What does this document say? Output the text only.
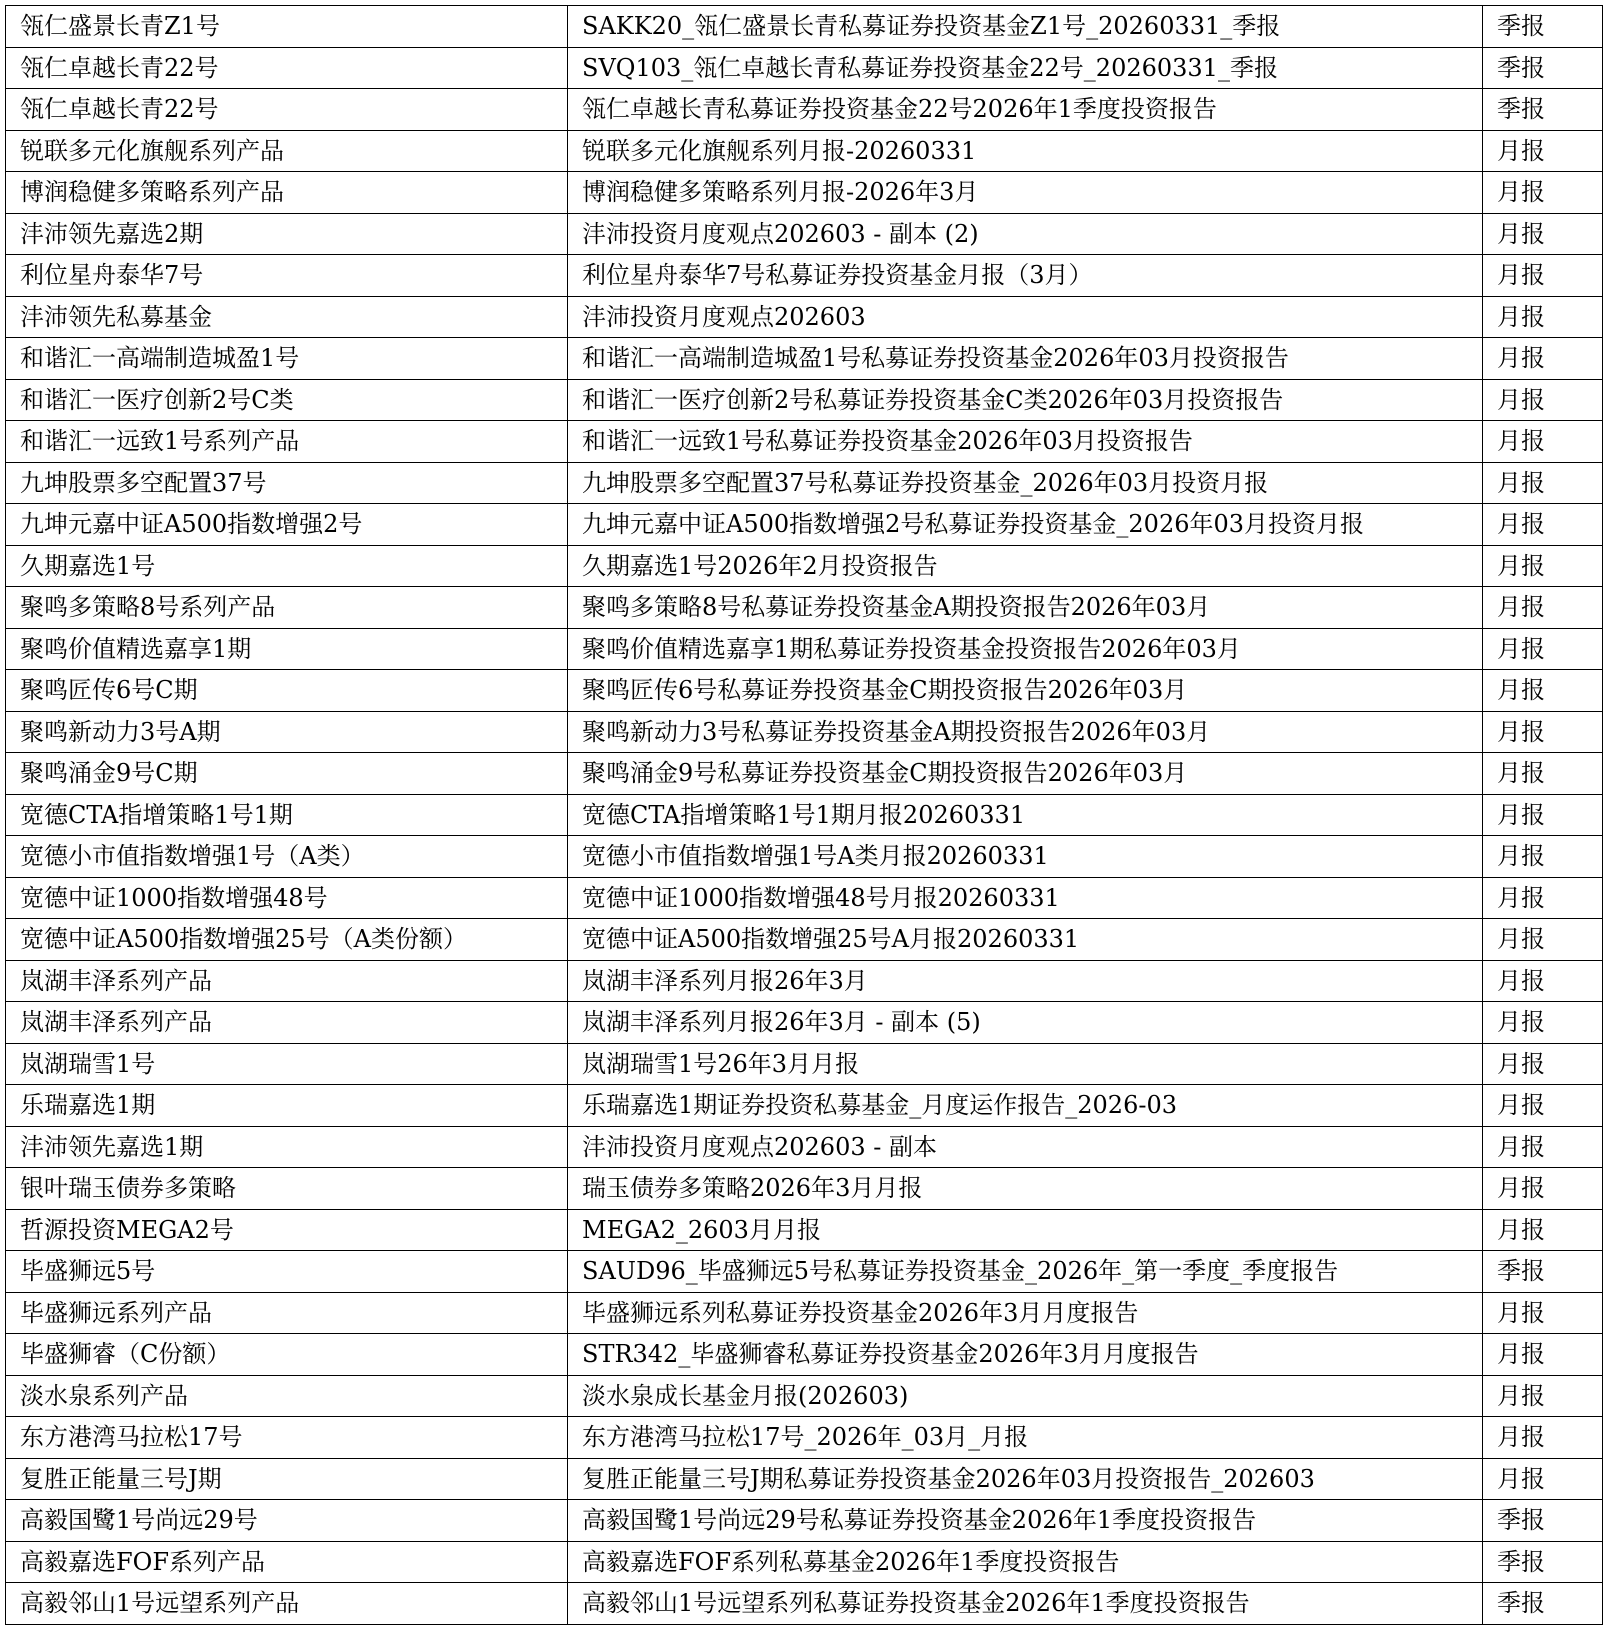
瓴仁盛景长青Z1号	SAKK20_瓴仁盛景长青私募证券投资基金Z1号_20260331_季报	季报
瓴仁卓越长青22号	SVQ103_瓴仁卓越长青私募证券投资基金22号_20260331_季报	季报
瓴仁卓越长青22号	瓴仁卓越长青私募证券投资基金22号2026年1季度投资报告	季报
锐联多元化旗舰系列产品	锐联多元化旗舰系列月报-20260331	月报
博润稳健多策略系列产品	博润稳健多策略系列月报-2026年3月	月报
沣沛领先嘉选2期	沣沛投资月度观点202603 - 副本 (2)	月报
利位星舟泰华7号	利位星舟泰华7号私募证券投资基金月报（3月）	月报
沣沛领先私募基金	沣沛投资月度观点202603	月报
和谐汇一高端制造城盈1号	和谐汇一高端制造城盈1号私募证券投资基金2026年03月投资报告	月报
和谐汇一医疗创新2号C类	和谐汇一医疗创新2号私募证券投资基金C类2026年03月投资报告	月报
和谐汇一远致1号系列产品	和谐汇一远致1号私募证券投资基金2026年03月投资报告	月报
九坤股票多空配置37号	九坤股票多空配置37号私募证券投资基金_2026年03月投资月报	月报
九坤元嘉中证A500指数增强2号	九坤元嘉中证A500指数增强2号私募证券投资基金_2026年03月投资月报	月报
久期嘉选1号	久期嘉选1号2026年2月投资报告	月报
聚鸣多策略8号系列产品	聚鸣多策略8号私募证券投资基金A期投资报告2026年03月	月报
聚鸣价值精选嘉享1期	聚鸣价值精选嘉享1期私募证券投资基金投资报告2026年03月	月报
聚鸣匠传6号C期	聚鸣匠传6号私募证券投资基金C期投资报告2026年03月	月报
聚鸣新动力3号A期	聚鸣新动力3号私募证券投资基金A期投资报告2026年03月	月报
聚鸣涌金9号C期	聚鸣涌金9号私募证券投资基金C期投资报告2026年03月	月报
宽德CTA指增策略1号1期	宽德CTA指增策略1号1期月报20260331	月报
宽德小市值指数增强1号（A类）	宽德小市值指数增强1号A类月报20260331	月报
宽德中证1000指数增强48号	宽德中证1000指数增强48号月报20260331	月报
宽德中证A500指数增强25号（A类份额）	宽德中证A500指数增强25号A月报20260331	月报
岚湖丰泽系列产品	岚湖丰泽系列月报26年3月	月报
岚湖丰泽系列产品	岚湖丰泽系列月报26年3月 - 副本 (5)	月报
岚湖瑞雪1号	岚湖瑞雪1号26年3月月报	月报
乐瑞嘉选1期	乐瑞嘉选1期证券投资私募基金_月度运作报告_2026-03	月报
沣沛领先嘉选1期	沣沛投资月度观点202603 - 副本	月报
银叶瑞玉债券多策略	瑞玉债券多策略2026年3月月报	月报
哲源投资MEGA2号	MEGA2_2603月月报	月报
毕盛狮远5号	SAUD96_毕盛狮远5号私募证券投资基金_2026年_第一季度_季度报告	季报
毕盛狮远系列产品	毕盛狮远系列私募证券投资基金2026年3月月度报告	月报
毕盛狮睿（C份额）	STR342_毕盛狮睿私募证券投资基金2026年3月月度报告	月报
淡水泉系列产品	淡水泉成长基金月报(202603)	月报
东方港湾马拉松17号	东方港湾马拉松17号_2026年_03月_月报	月报
复胜正能量三号J期	复胜正能量三号J期私募证券投资基金2026年03月投资报告_202603	月报
高毅国鹭1号尚远29号	高毅国鹭1号尚远29号私募证券投资基金2026年1季度投资报告	季报
高毅嘉选FOF系列产品	高毅嘉选FOF系列私募基金2026年1季度投资报告	季报
高毅邻山1号远望系列产品	高毅邻山1号远望系列私募证券投资基金2026年1季度投资报告	季报
